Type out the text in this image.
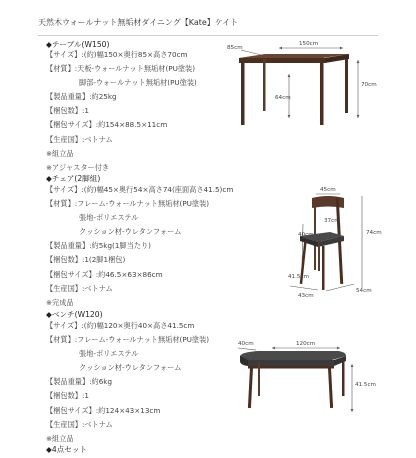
天然木ウォールナット無垢材ダイニング【Kate】ケイト
◆テーブル(W150)
【サイズ】:(約)幅150×奥行85×高さ70cm
【材質】:天板-ウォールナット無垢材(PU塗装)
脚部-ウォールナット無垢材(PU塗装)
【製品重量】:約25kg
【梱包数】:1
【梱包サイズ】:約154×88.5×11cm
【生産国】:ベトナム
※組立品
※アジャスター付き
85cm
150cm
70cm
64cm
◆チェア(2脚組)
【サイズ】:(約)幅45×奥行54×高さ74(座面高さ41.5)cm
【材質】:フレーム-ウォールナット無垢材(PU塗装)
張地-ポリエステル
クッション材-ウレタンフォーム
【製品重量】:約5kg(1脚当たり)
【梱包数】:1(2脚1梱包)
【梱包サイズ】:約46.5×63×86cm
【生産国】:ベトナム
※完成品
45cm
37cm
40cm	74cm
41.5cm
43cm
54cm
◆ベンチ(W120)
【サイズ】:(約)幅120×奥行40×高さ41.5cm
【材質】:フレーム-ウォールナット無垢材(PU塗装)
張地-ポリエステル
クッション材-ウレタンフォーム
【製品重量】:約6kg
【梱包数】:1
【梱包サイズ】:約124×43×13cm
【生産国】:ベトナム
※組立品
40cm	120cm
41.5cm
◆4点セット
